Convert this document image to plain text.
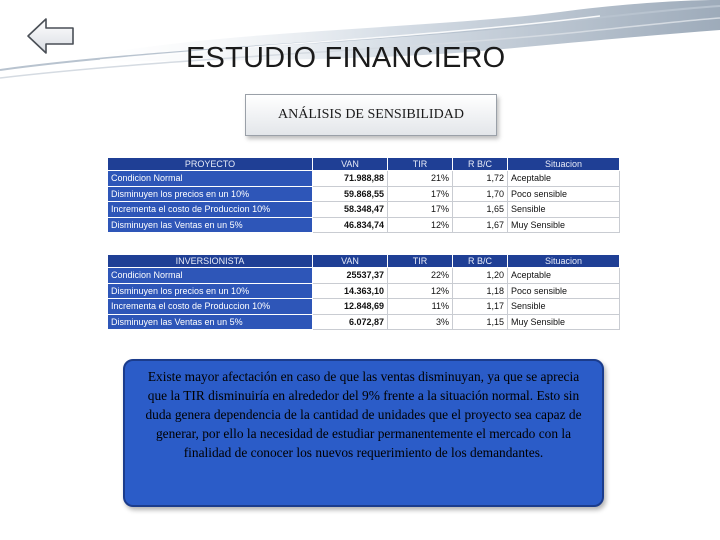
ESTUDIO FINANCIERO
ANÁLISIS DE SENSIBILIDAD
PROYECTO	VAN	TIR	R B/C	Situacion
Condicion Normal	71.988,88	21%	1,72	Aceptable
Disminuyen los precios en un 10%	59.868,55	17%	1,70	Poco sensible
Incrementa el costo de Produccion 10%	58.348,47	17%	1,65	Sensible
Disminuyen las Ventas en un 5%	46.834,74	12%	1,67	Muy Sensible
INVERSIONISTA	VAN	TIR	R B/C	Situacion
Condicion Normal	25537,37	22%	1,20	Aceptable
Disminuyen los precios en un 10%	14.363,10	12%	1,18	Poco sensible
Incrementa el costo de Produccion 10%	12.848,69	11%	1,17	Sensible
Disminuyen las Ventas en un 5%	6.072,87	3%	1,15	Muy Sensible

Existe mayor afectación en caso de que las ventas disminuyan, ya que se aprecia que la TIR disminuiría en alrededor del 9% frente a la situación normal. Esto sin duda genera dependencia de la cantidad de unidades que el proyecto sea capaz de generar, por ello la necesidad de estudiar permanentemente el mercado con la finalidad de conocer los nuevos requerimiento de los demandantes.
